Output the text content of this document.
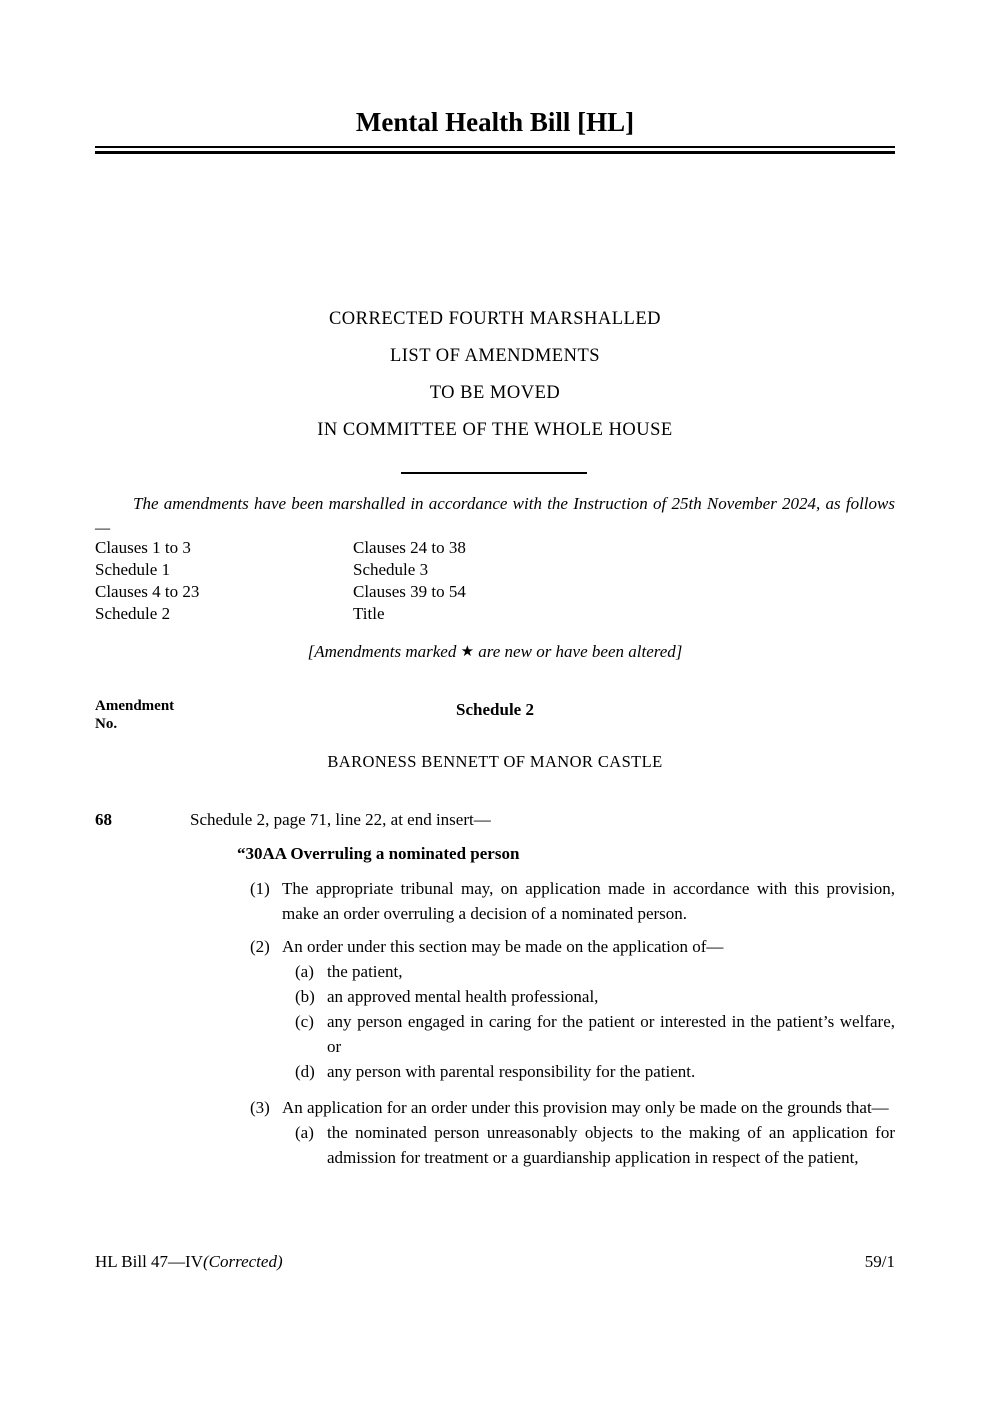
Mental Health Bill [HL]
CORRECTED FOURTH MARSHALLED
LIST OF AMENDMENTS
TO BE MOVED
IN COMMITTEE OF THE WHOLE HOUSE
The amendments have been marshalled in accordance with the Instruction of 25th November 2024, as follows—
Clauses 1 to 3
Schedule 1
Clauses 4 to 23
Schedule 2
Clauses 24 to 38
Schedule 3
Clauses 39 to 54
Title
[Amendments marked ★ are new or have been altered]
Amendment
No.
Schedule 2
BARONESS BENNETT OF MANOR CASTLE
68	Schedule 2, page 71, line 22, at end insert—
“30AA Overruling a nominated person
(1) The appropriate tribunal may, on application made in accordance with this provision, make an order overruling a decision of a nominated person.
(2) An order under this section may be made on the application of—
(a) the patient,
(b) an approved mental health professional,
(c) any person engaged in caring for the patient or interested in the patient’s welfare, or
(d) any person with parental responsibility for the patient.
(3) An application for an order under this provision may only be made on the grounds that—
(a) the nominated person unreasonably objects to the making of an application for admission for treatment or a guardianship application in respect of the patient,
HL Bill 47—IV(Corrected)	59/1
